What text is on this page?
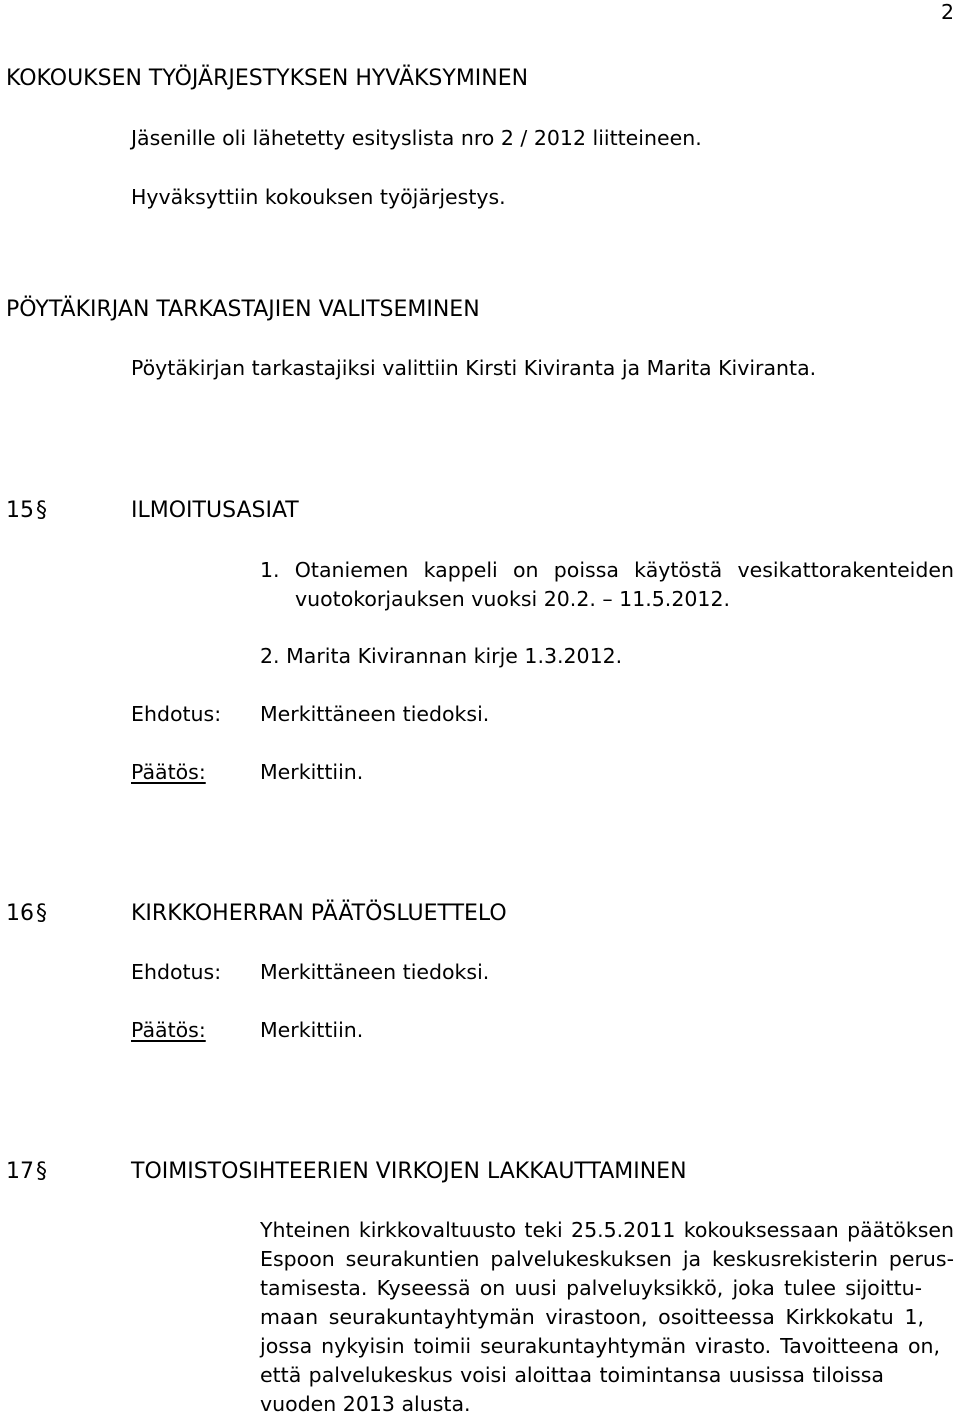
2
KOKOUKSEN TYÖJÄRJESTYKSEN HYVÄKSYMINEN
Jäsenille oli lähetetty esityslista nro 2 / 2012 liitteineen.
Hyväksyttiin kokouksen työjärjestys.
PÖYTÄKIRJAN TARKASTAJIEN VALITSEMINEN
Pöytäkirjan tarkastajiksi valittiin Kirsti Kiviranta ja Marita Kiviranta.
15 §	ILMOITUSASIAT
1. Otaniemen kappeli on poissa käytöstä vesikattorakenteiden
vuotokorjauksen vuoksi 20.2. – 11.5.2012.
2. Marita Kivirannan kirje 1.3.2012.
Ehdotus: Merkittäneen tiedoksi.
Päätös:	Merkittiin.
16 §	KIRKKOHERRAN PÄÄTÖSLUETTELO
Ehdotus: Merkittäneen tiedoksi.
Päätös:	Merkittiin.
17 §	TOIMISTOSIHTEERIEN VIRKOJEN LAKKAUTTAMINEN
Yhteinen kirkkovaltuusto teki 25.5.2011 kokouksessaan päätöksen
Espoon seurakuntien palvelukeskuksen ja keskusrekisterin perus-
tamisesta. Kyseessä on uusi palveluyksikkö, joka tulee sijoittu-
maan seurakuntayhtymän virastoon, osoitteessa Kirkkokatu 1,
jossa nykyisin toimii seurakuntayhtymän virasto. Tavoitteena on,
että palvelukeskus voisi aloittaa toimintansa uusissa tiloissa
vuoden 2013 alusta.
